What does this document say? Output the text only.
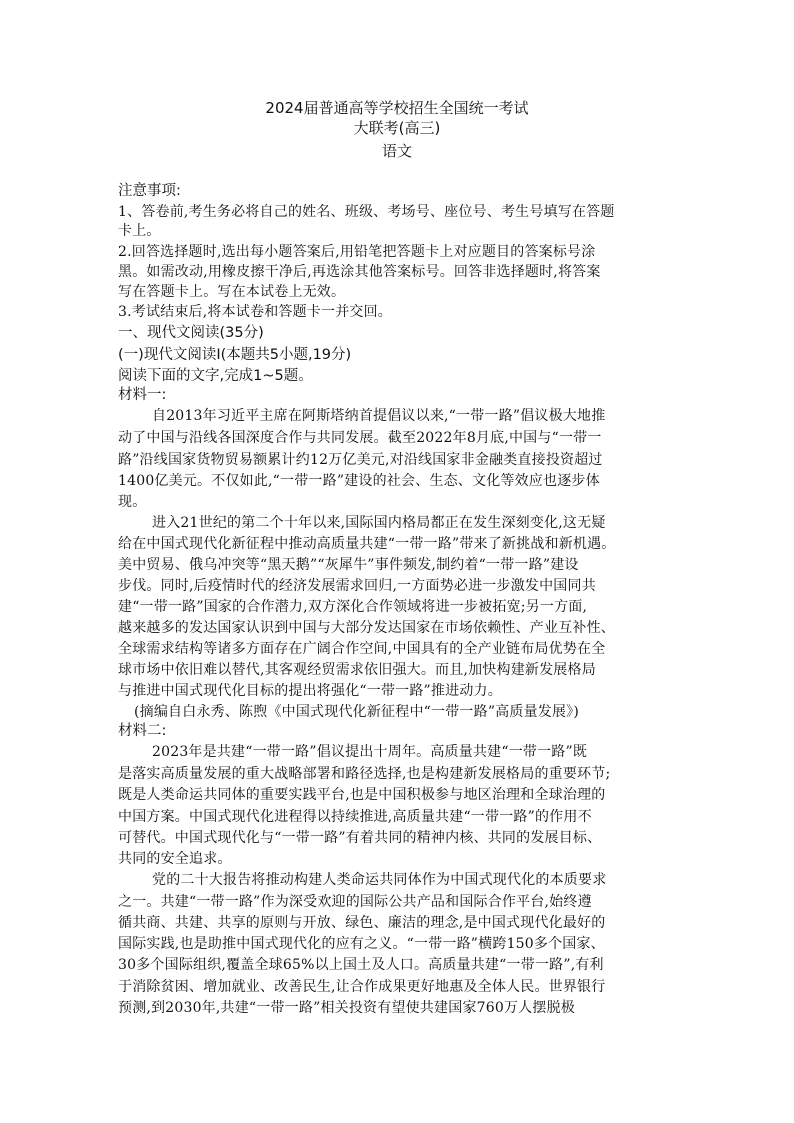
2024届普通高等学校招生全国统一考试
大联考(高三)
语文
注意事项:
1、答卷前,考生务必将自己的姓名、班级、考场号、座位号、考生号填写在答题
卡上。
2.回答选择题时,选出每小题答案后,用铅笔把答题卡上对应题目的答案标号涂
黑。如需改动,用橡皮擦干净后,再选涂其他答案标号。回答非选择题时,将答案
写在答题卡上。写在本试卷上无效。
3.考试结束后,将本试卷和答题卡一并交回。
一、现代文阅读(35分)
(一)现代文阅读I(本题共5小题,19分)
阅读下面的文字,完成1~5题。
材料一:
自2013年习近平主席在阿斯塔纳首提倡议以来,“一带一路”倡议极大地推
动了中国与沿线各国深度合作与共同发展。截至2022年8月底,中国与“一带一
路”沿线国家货物贸易额累计约12万亿美元,对沿线国家非金融类直接投资超过
1400亿美元。不仅如此,“一带一路”建设的社会、生态、文化等效应也逐步体
现。
进入21世纪的第二个十年以来,国际国内格局都正在发生深刻变化,这无疑
给在中国式现代化新征程中推动高质量共建“一带一路”带来了新挑战和新机遇。
美中贸易、俄乌冲突等“黑天鹅”“灰犀牛”事件频发,制约着“一带一路”建设
步伐。同时,后疫情时代的经济发展需求回归,一方面势必进一步激发中国同共
建“一带一路”国家的合作潜力,双方深化合作领域将进一步被拓宽;另一方面,
越来越多的发达国家认识到中国与大部分发达国家在市场依赖性、产业互补性、
全球需求结构等诸多方面存在广阔合作空间,中国具有的全产业链布局优势在全
球市场中依旧难以替代,其客观经贸需求依旧强大。而且,加快构建新发展格局
与推进中国式现代化目标的提出将强化“一带一路”推进动力。
(摘编自白永秀、陈煦《中国式现代化新征程中“一带一路”高质量发展》)
材料二:
2023年是共建“一带一路”倡议提出十周年。高质量共建“一带一路”既
是落实高质量发展的重大战略部署和路径选择,也是构建新发展格局的重要环节;
既是人类命运共同体的重要实践平台,也是中国积极参与地区治理和全球治理的
中国方案。中国式现代化进程得以持续推进,高质量共建“一带一路”的作用不
可替代。中国式现代化与“一带一路”有着共同的精神内核、共同的发展目标、
共同的安全追求。
党的二十大报告将推动构建人类命运共同体作为中国式现代化的本质要求
之一。共建“一带一路”作为深受欢迎的国际公共产品和国际合作平台,始终遵
循共商、共建、共享的原则与开放、绿色、廉洁的理念,是中国式现代化最好的
国际实践,也是助推中国式现代化的应有之义。“一带一路”横跨150多个国家、
30多个国际组织,覆盖全球65%以上国土及人口。高质量共建“一带一路”,有利
于消除贫困、增加就业、改善民生,让合作成果更好地惠及全体人民。世界银行
预测,到2030年,共建“一带一路”相关投资有望使共建国家760万人摆脱极
